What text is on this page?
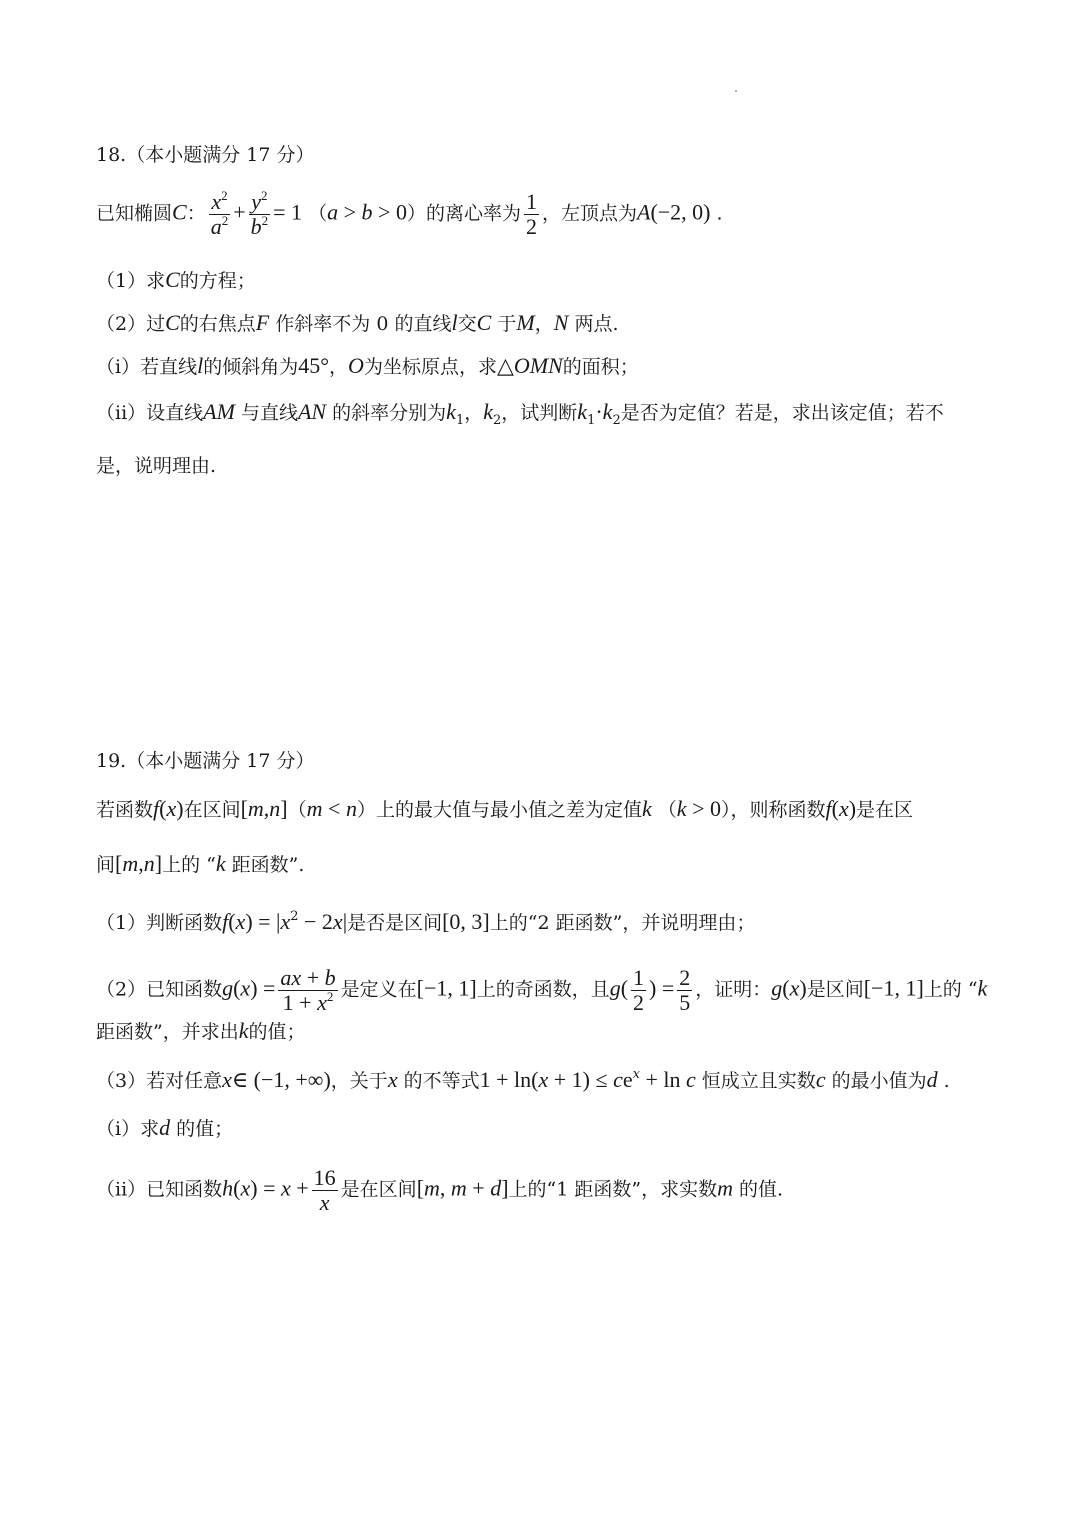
18.（本小题满分 17 分）
已知椭圆C： $\frac{x^2}{a^2} + \frac{y^2}{b^2} = 1$ （a > b > 0）的离心率为 $\frac{1}{2}$ ，左顶点为A(−2, 0) .
（1）求C的方程；
（2）过C的右焦点F 作斜率不为 0 的直线l交C 于M，N 两点.
（i）若直线l的倾斜角为45°，O为坐标原点，求△OMN的面积；
（ii）设直线AM 与直线AN 的斜率分别为$k_1$，$k_2$，试判断$k_1\cdot k_2$是否为定值？若是，求出该定值；若不
是，说明理由.
19.（本小题满分 17 分）
若函数f(x)在区间[m,n]（m < n）上的最大值与最小值之差为定值k （k > 0），则称函数f(x)是在区
间[m,n]上的 “k 距函数”.
（1）判断函数$f(x) = |x^2 - 2x|$是否是区间[0, 3]上的“2 距函数”，并说明理由；
（2）已知函数$g(x) = \frac{ax + b}{1 + x^2}$ 是定义在[−1, 1]上的奇函数，且$g( \frac{1}{2}$ ) = $\frac{2}{5}$ ，证明：g(x)是区间[−1, 1]上的 “k
距函数”，并求出k的值；
（3）若对任意x∈ (−1, +∞)，关于x 的不等式$1 + \ln(x + 1) \le ce^x + \ln c$ 恒成立且实数c 的最小值为d .
（i）求d 的值；
（ii）已知函数$h(x) = x + \frac{16}{x}$ 是在区间[m, m + d]上的“1 距函数”，求实数m 的值.
